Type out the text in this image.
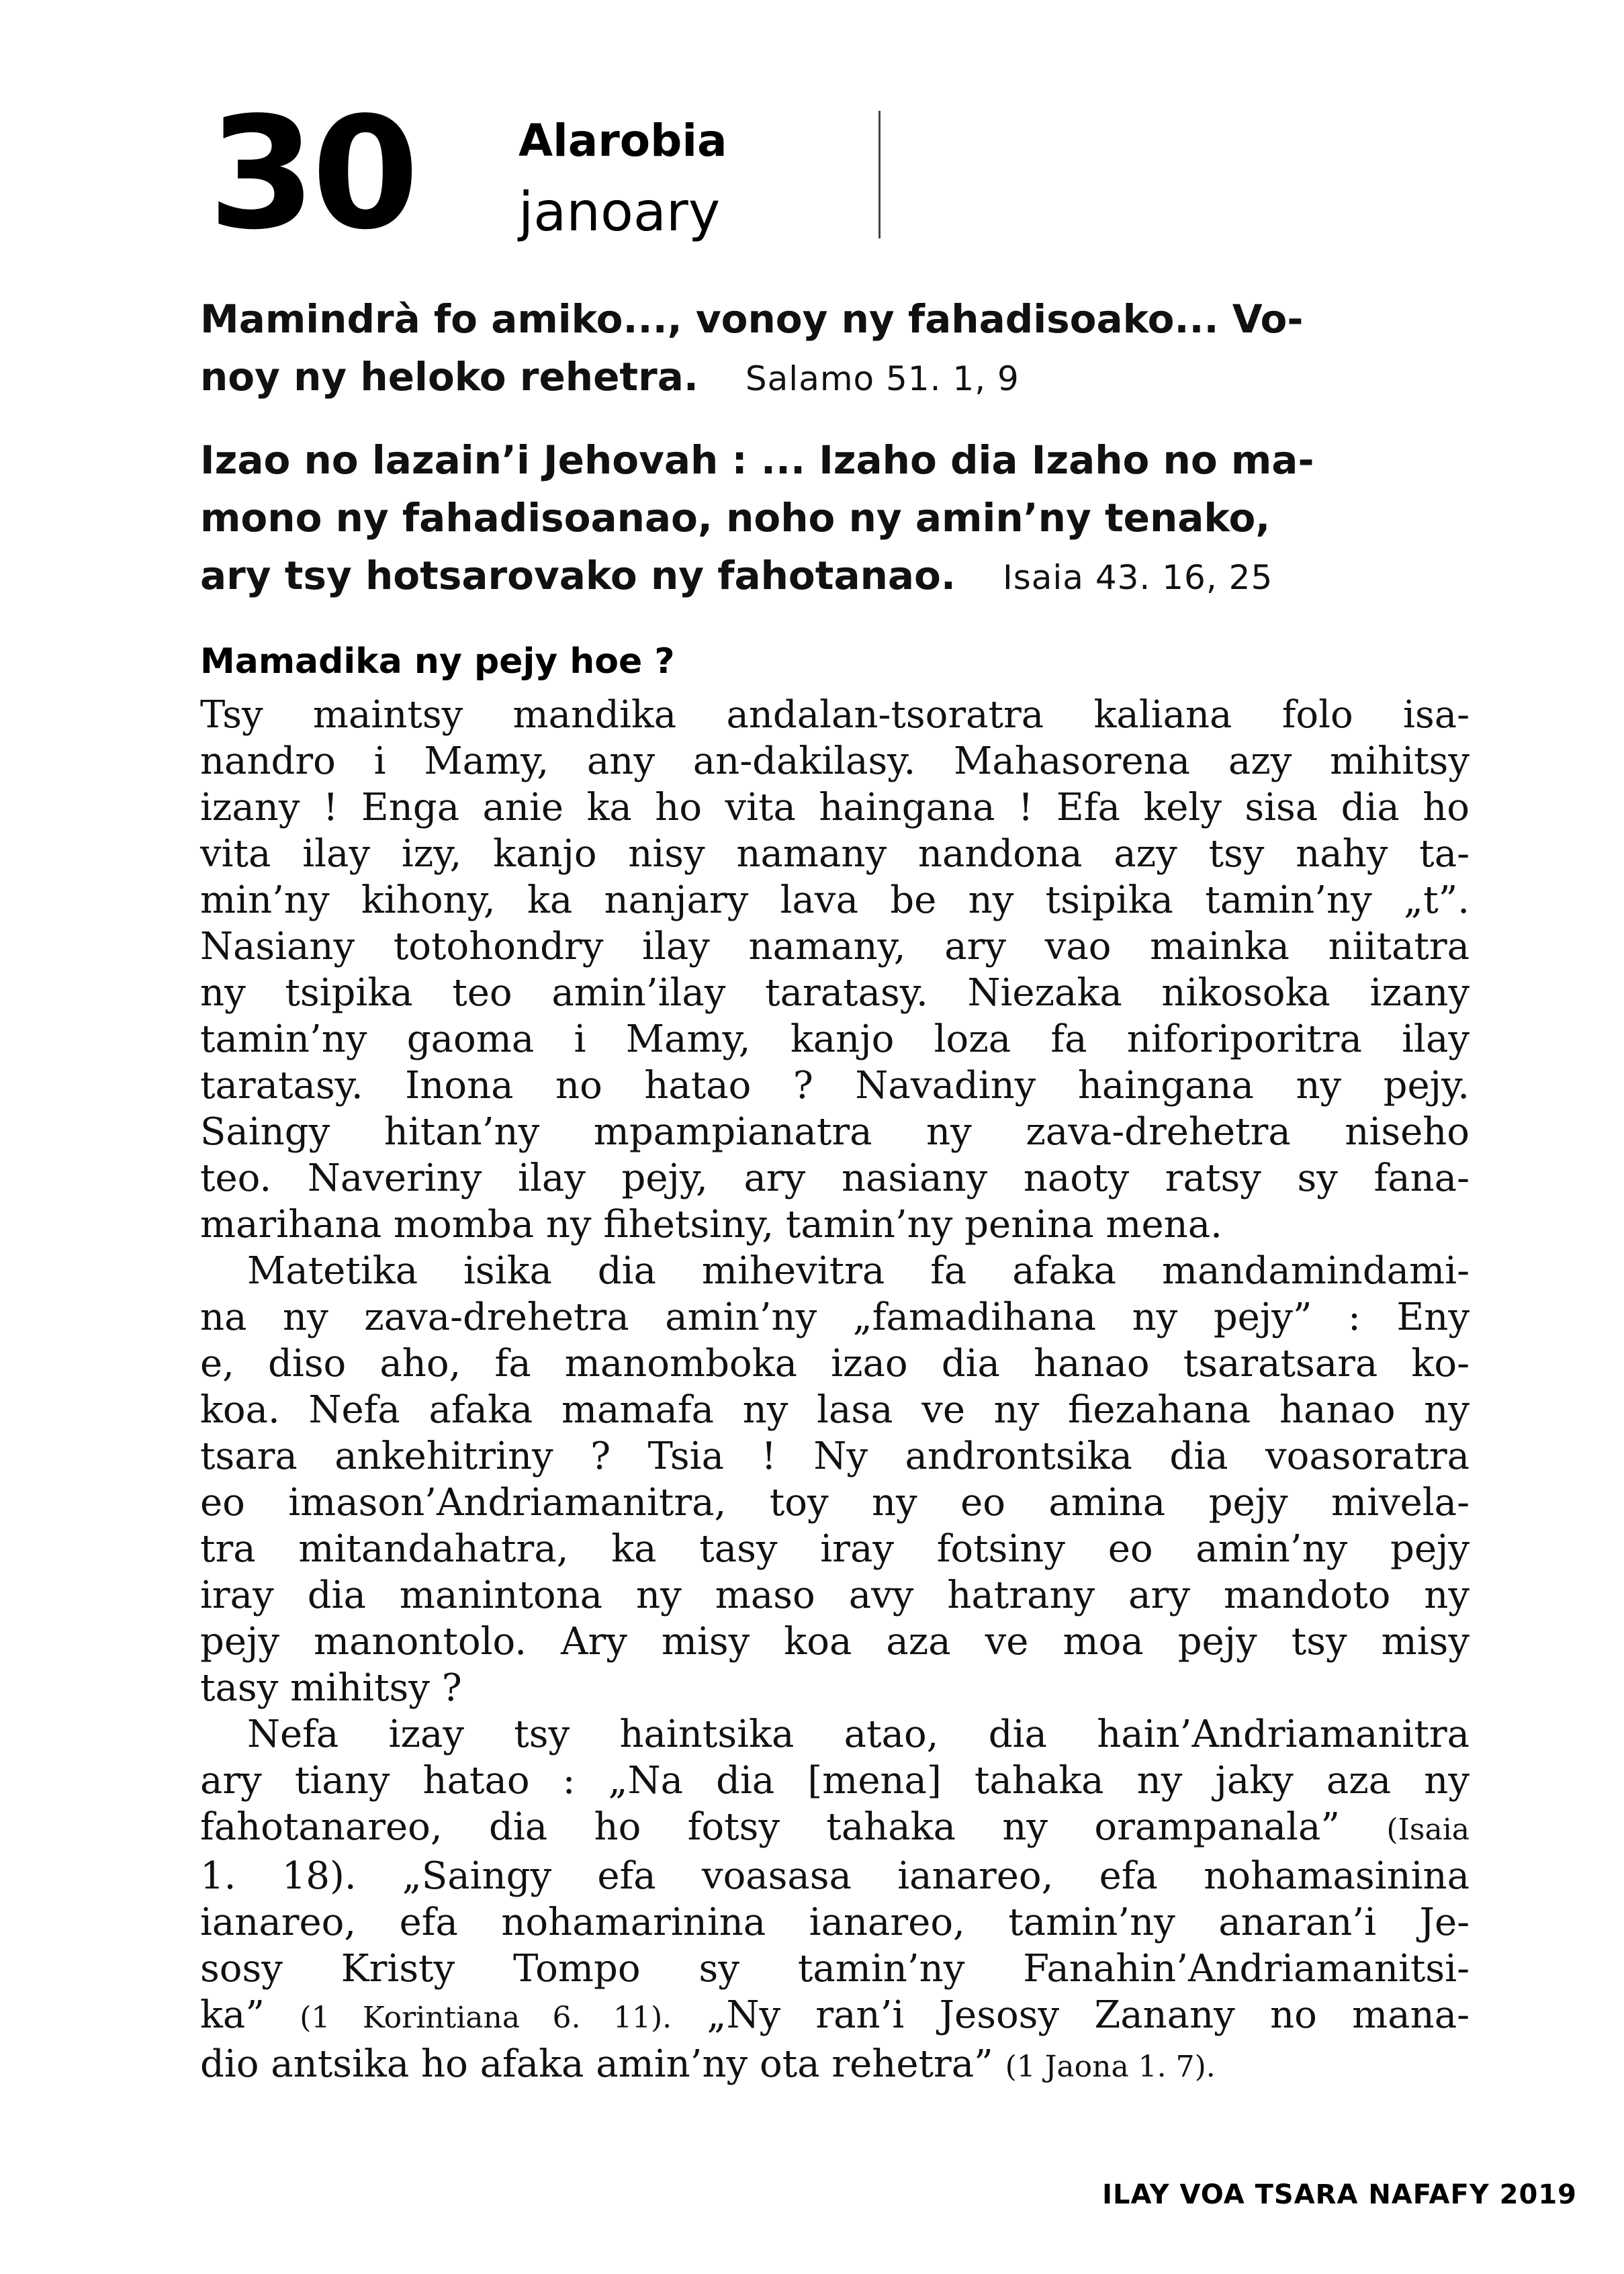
30 Alarobia
janoary
Mamindrà fo amiko..., vonoy ny fahadisoako... Vo-
noy ny heloko rehetra. Salamo 51. 1, 9
Izao no lazain’i Jehovah : ... Izaho dia Izaho no ma-
mono ny fahadisoanao, noho ny amin’ny tenako,
ary tsy hotsarovako ny fahotanao. Isaia 43. 16, 25
Mamadika ny pejy hoe ?
Tsy maintsy mandika andalan-tsoratra kaliana folo isa-
nandro i Mamy, any an-dakilasy. Mahasorena azy mihitsy
izany ! Enga anie ka ho vita haingana ! Efa kely sisa dia ho
vita ilay izy, kanjo nisy namany nandona azy tsy nahy ta-
min’ny kihony, ka nanjary lava be ny tsipika tamin’ny „t”.
Nasiany totohondry ilay namany, ary vao mainka niitatra
ny tsipika teo amin’ilay taratasy. Niezaka nikosoka izany
tamin’ny gaoma i Mamy, kanjo loza fa niforiporitra ilay
taratasy. Inona no hatao ? Navadiny haingana ny pejy.
Saingy hitan’ny mpampianatra ny zava-drehetra niseho
teo. Naveriny ilay pejy, ary nasiany naoty ratsy sy fana-
marihana momba ny fihetsiny, tamin’ny penina mena.
Matetika isika dia mihevitra fa afaka mandamindami-
na ny zava-drehetra amin’ny „famadihana ny pejy” : Eny
e, diso aho, fa manomboka izao dia hanao tsaratsara ko-
koa. Nefa afaka mamafa ny lasa ve ny fiezahana hanao ny
tsara ankehitriny ? Tsia ! Ny androntsika dia voasoratra
eo imason’Andriamanitra, toy ny eo amina pejy mivela-
tra mitandahatra, ka tasy iray fotsiny eo amin’ny pejy
iray dia manintona ny maso avy hatrany ary mandoto ny
pejy manontolo. Ary misy koa aza ve moa pejy tsy misy
tasy mihitsy ?
Nefa izay tsy haintsika atao, dia hain’Andriamanitra
ary tiany hatao : „Na dia [mena] tahaka ny jaky aza ny
fahotanareo, dia ho fotsy tahaka ny orampanala” (Isaia
1. 18). „Saingy efa voasasa ianareo, efa nohamasinina
ianareo, efa nohamarinina ianareo, tamin’ny anaran’i Je-
sosy Kristy Tompo sy tamin’ny Fanahin’Andriamanitsi-
ka” (1 Korintiana 6. 11). „Ny ran’i Jesosy Zanany no mana-
dio antsika ho afaka amin’ny ota rehetra” (1 Jaona 1. 7).
ILAY VOA TSARA NAFAFY 2019
